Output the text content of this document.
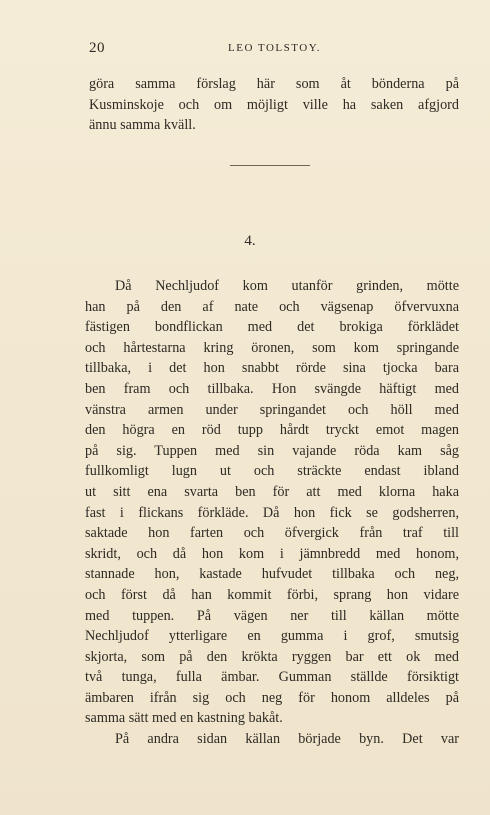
20	LEO TOLSTOY.
göra samma förslag här som åt bönderna på
Kusminskoje och om möjligt ville ha saken afgjord
ännu samma kväll.
4.
Då Nechljudof kom utanför grinden, mötte
han på den af nate och vägsenap öfvervuxna
fästigen bondflickan med det brokiga förklädet
och hårtestarna kring öronen, som kom springande
tillbaka, i det hon snabbt rörde sina tjocka bara
ben fram och tillbaka. Hon svängde häftigt med
vänstra armen under springandet och höll med
den högra en röd tupp hårdt tryckt emot magen
på sig. Tuppen med sin vajande röda kam såg
fullkomligt lugn ut och sträckte endast ibland
ut sitt ena svarta ben för att med klorna haka
fast i flickans förkläde. Då hon fick se godsherren,
saktade hon farten och öfvergick från traf till
skridt, och då hon kom i jämnbredd med honom,
stannade hon, kastade hufvudet tillbaka och neg,
och först då han kommit förbi, sprang hon vidare
med tuppen. På vägen ner till källan mötte
Nechljudof ytterligare en gumma i grof, smutsig
skjorta, som på den krökta ryggen bar ett ok med
två tunga, fulla ämbar. Gumman ställde försiktigt
ämbaren ifrån sig och neg för honom alldeles på
samma sätt med en kastning bakåt.
På andra sidan källan började byn. Det var
